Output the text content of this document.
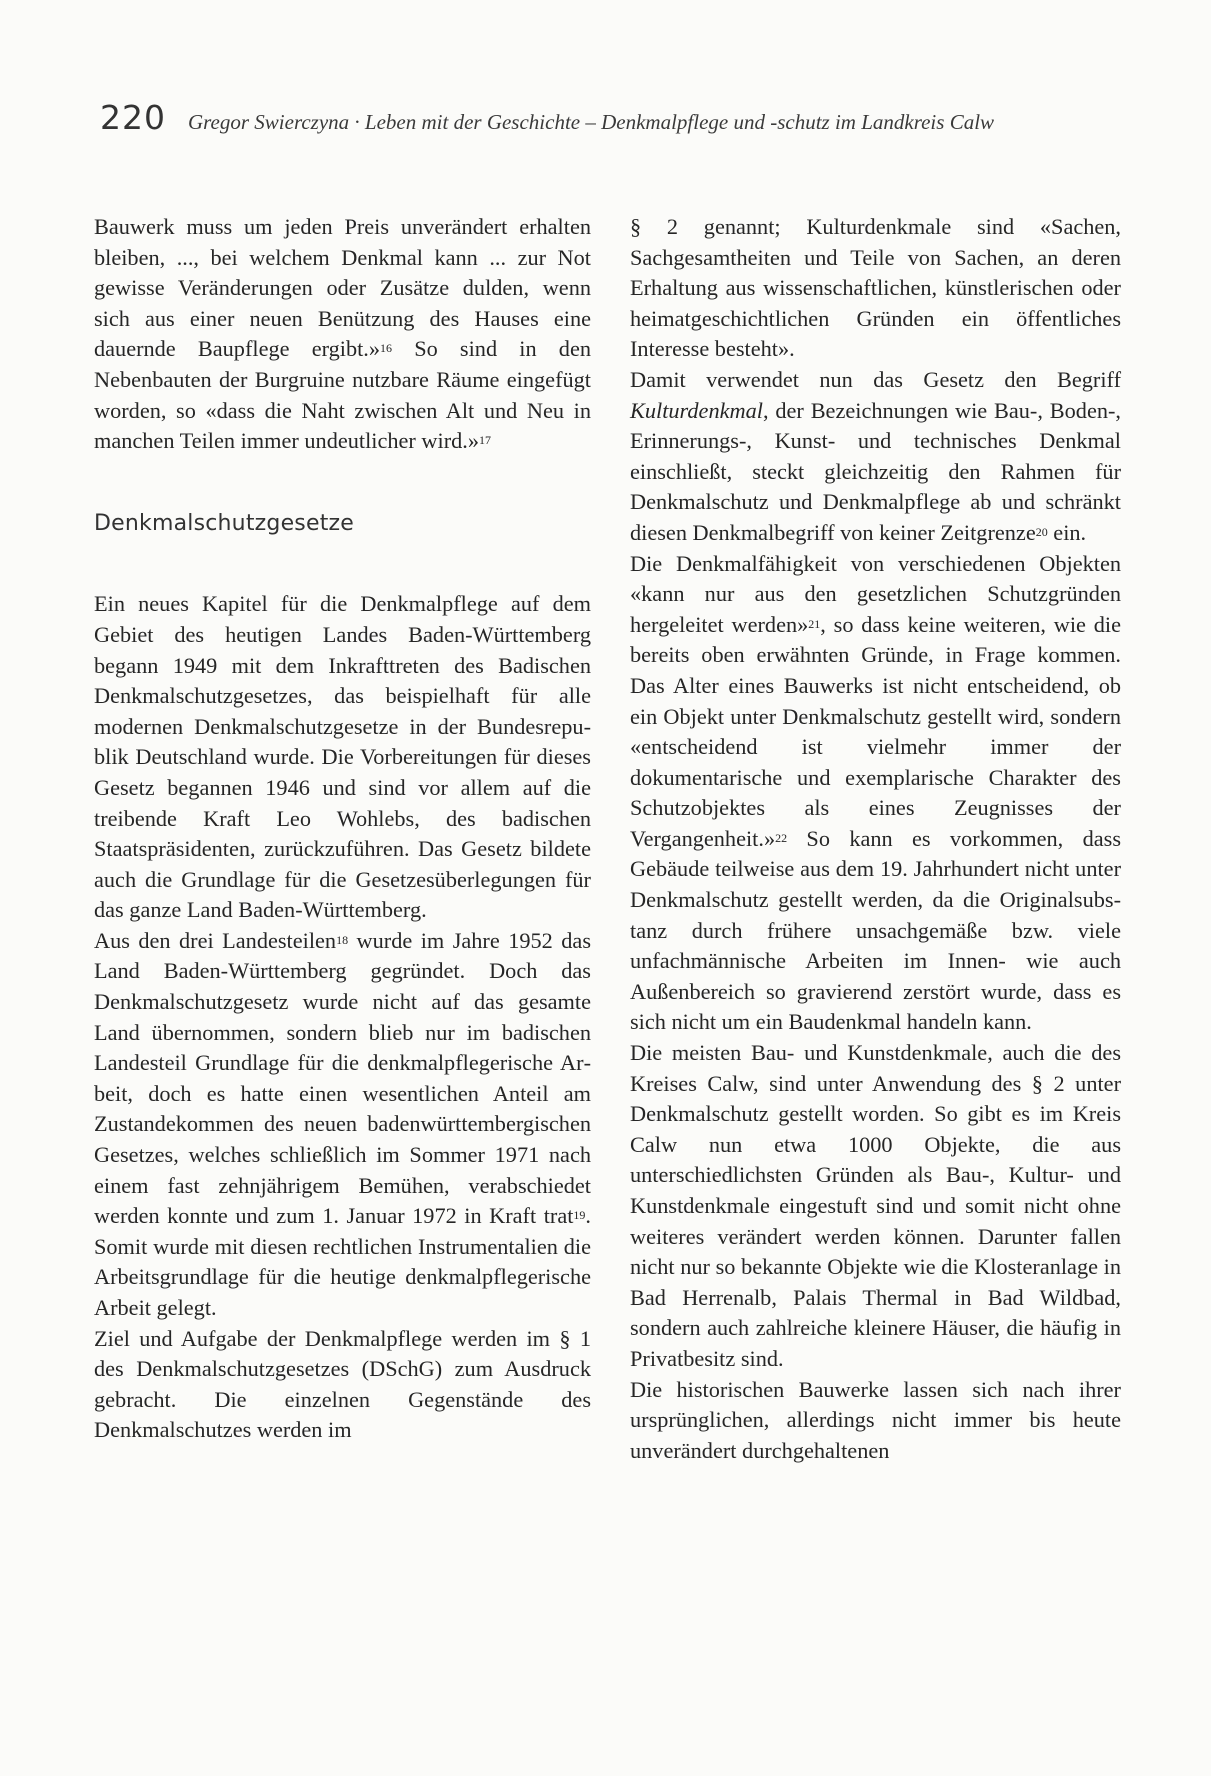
220 Gregor Swierczyna · Leben mit der Geschichte – Denkmalpflege und -schutz im Landkreis Calw

Bauwerk muss um jeden Preis unverändert erhalten bleiben, ..., bei welchem Denkmal kann ... zur Not gewisse Veränderungen oder Zusätze dulden, wenn sich aus einer neuen Benützung des Hauses eine dauernde Baupflege ergibt.»$^{16}$ So sind in den Nebenbauten der Burgruine nutzbare Räume eingefügt worden, so «dass die Naht zwischen Alt und Neu in manchen Teilen immer undeutlicher wird.»$^{17}$

Denkmalschutzgesetze

Ein neues Kapitel für die Denkmalpflege auf dem Gebiet des heutigen Landes Baden-Württemberg begann 1949 mit dem Inkrafttreten des Badischen Denkmalschutzgesetzes, das beispielhaft für alle modernen Denkmalschutzgesetze in der Bundesrepublik Deutschland wurde. Die Vorbereitungen für dieses Gesetz begannen 1946 und sind vor allem auf die treibende Kraft Leo Wohlebs, des badischen Staatspräsidenten, zurückzuführen. Das Gesetz bildete auch die Grundlage für die Gesetzesüberlegungen für das ganze Land Baden-Württemberg.

Aus den drei Landesteilen$^{18}$ wurde im Jahre 1952 das Land Baden-Württemberg gegründet. Doch das Denkmalschutzgesetz wurde nicht auf das gesamte Land übernommen, sondern blieb nur im badischen Landesteil Grundlage für die denkmalpflegerische Arbeit, doch es hatte einen wesentlichen Anteil am Zustandekommen des neuen badenwürttembergischen Gesetzes, welches schließlich im Sommer 1971 nach einem fast zehnjährigem Bemühen, verabschiedet werden konnte und zum 1. Januar 1972 in Kraft trat$^{19}$. Somit wurde mit diesen rechtlichen Instrumentalien die Arbeitsgrundlage für die heutige denkmalpflegerische Arbeit gelegt.

Ziel und Aufgabe der Denkmalpflege werden im § 1 des Denkmalschutzgesetzes (DSchG) zum Ausdruck gebracht. Die einzelnen Gegenstände des Denkmalschutzes werden im

§ 2 genannt; Kulturdenkmale sind «Sachen, Sachgesamtheiten und Teile von Sachen, an deren Erhaltung aus wissenschaftlichen, künstlerischen oder heimatgeschichtlichen Gründen ein öffentliches Interesse besteht».

Damit verwendet nun das Gesetz den Begriff Kulturdenkmal, der Bezeichnungen wie Bau-, Boden-, Erinnerungs-, Kunst- und technisches Denkmal einschließt, steckt gleichzeitig den Rahmen für Denkmalschutz und Denkmalpflege ab und schränkt diesen Denkmalbegriff von keiner Zeitgrenze$^{20}$ ein.

Die Denkmalfähigkeit von verschiedenen Objekten «kann nur aus den gesetzlichen Schutzgründen hergeleitet werden»$^{21}$, so dass keine weiteren, wie die bereits oben erwähnten Gründe, in Frage kommen. Das Alter eines Bauwerks ist nicht entscheidend, ob ein Objekt unter Denkmalschutz gestellt wird, sondern «entscheidend ist vielmehr immer der dokumentarische und exemplarische Charakter des Schutzobjektes als eines Zeugnisses der Vergangenheit.»$^{22}$ So kann es vorkommen, dass Gebäude teilweise aus dem 19. Jahrhundert nicht unter Denkmalschutz gestellt werden, da die Originalsubstanz durch frühere unsachgemäße bzw. viele unfachmännische Arbeiten im Innen- wie auch Außenbereich so gravierend zerstört wurde, dass es sich nicht um ein Baudenkmal handeln kann.

Die meisten Bau- und Kunstdenkmale, auch die des Kreises Calw, sind unter Anwendung des § 2 unter Denkmalschutz gestellt worden. So gibt es im Kreis Calw nun etwa 1000 Objekte, die aus unterschiedlichsten Gründen als Bau-, Kultur- und Kunstdenkmale eingestuft sind und somit nicht ohne weiteres verändert werden können. Darunter fallen nicht nur so bekannte Objekte wie die Klosteranlage in Bad Herrenalb, Palais Thermal in Bad Wildbad, sondern auch zahlreiche kleinere Häuser, die häufig in Privatbesitz sind.

Die historischen Bauwerke lassen sich nach ihrer ursprünglichen, allerdings nicht immer bis heute unverändert durchgehaltenen
